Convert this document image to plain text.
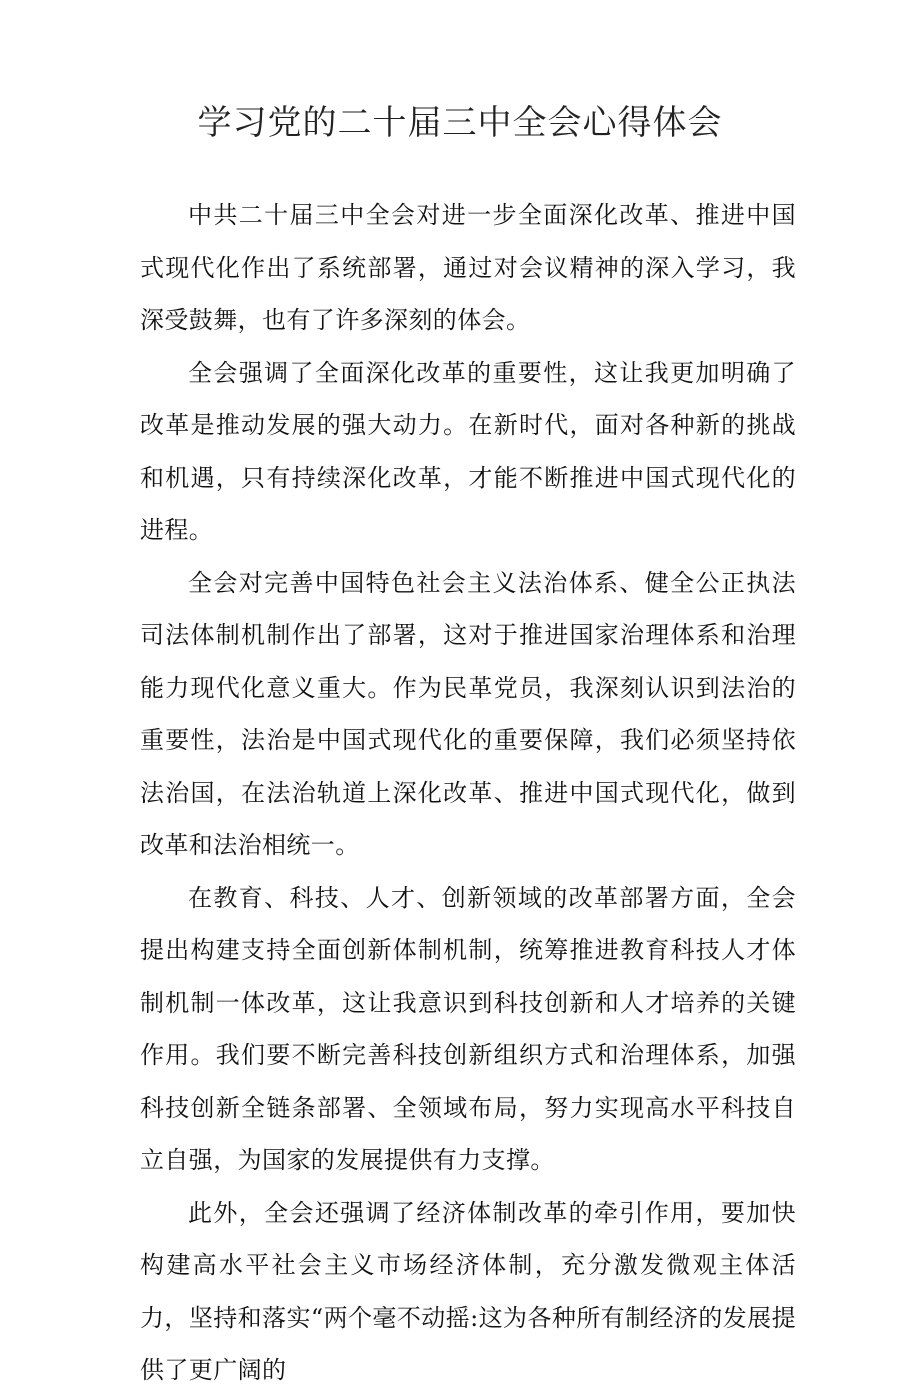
学习党的二十届三中全会心得体会

中共二十届三中全会对进一步全面深化改革、推进中国式现代化作出了系统部署，通过对会议精神的深入学习，我深受鼓舞，也有了许多深刻的体会。

全会强调了全面深化改革的重要性，这让我更加明确了改革是推动发展的强大动力。在新时代，面对各种新的挑战和机遇，只有持续深化改革，才能不断推进中国式现代化的进程。

全会对完善中国特色社会主义法治体系、健全公正执法司法体制机制作出了部署，这对于推进国家治理体系和治理能力现代化意义重大。作为民革党员，我深刻认识到法治的重要性，法治是中国式现代化的重要保障，我们必须坚持依法治国，在法治轨道上深化改革、推进中国式现代化，做到改革和法治相统一。

在教育、科技、人才、创新领域的改革部署方面，全会提出构建支持全面创新体制机制，统筹推进教育科技人才体制机制一体改革，这让我意识到科技创新和人才培养的关键作用。我们要不断完善科技创新组织方式和治理体系，加强科技创新全链条部署、全领域布局，努力实现高水平科技自立自强，为国家的发展提供有力支撑。

此外，全会还强调了经济体制改革的牵引作用，要加快构建高水平社会主义市场经济体制，充分激发微观主体活力，坚持和落实“两个毫不动摇:这为各种所有制经济的发展提供了更广阔的
